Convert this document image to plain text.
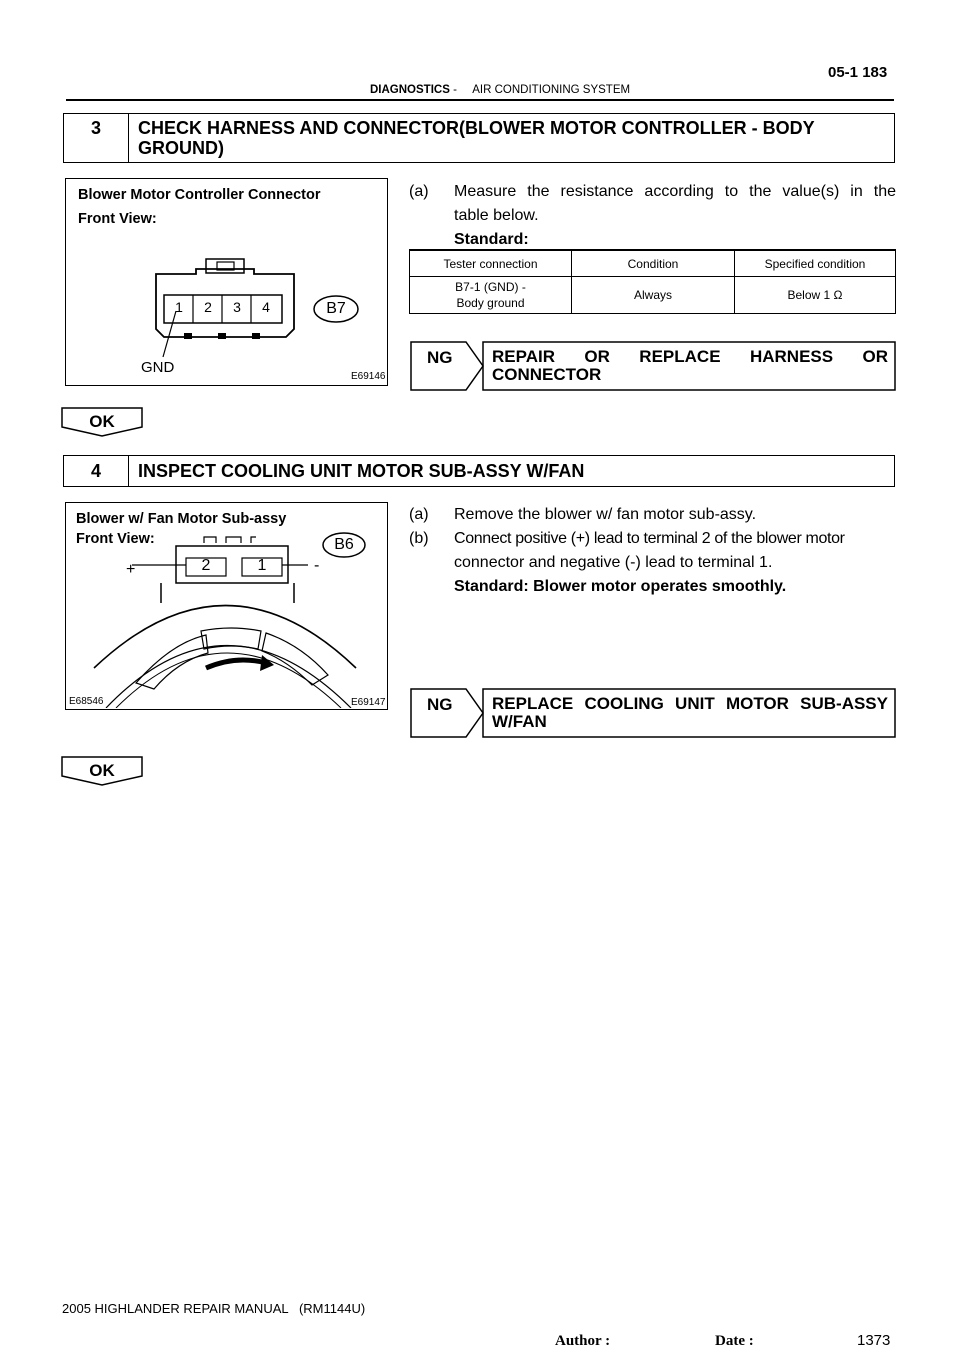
05-1 183
DIAGNOSTICS -     AIR CONDITIONING SYSTEM
3	CHECK HARNESS AND CONNECTOR(BLOWER MOTOR CONTROLLER - BODY
GROUND)
Blower Motor Controller Connector
Front View:
1	2	3	4	B7
GND
E69146
(a) Measure the resistance according to the value(s) in the
table below.
Standard:
Tester connection	Condition	Specified condition

B7-1 (GND) -
Body ground	Always	Below 1 Ω
NG REPAIR OR REPLACE HARNESS OR
CONNECTOR
OK
4	INSPECT COOLING UNIT MOTOR SUB-ASSY W/FAN
Blower w/ Fan Motor Sub-assy
Front View:
2	1
+	-
B6
E68546	E69147
(a) Remove the blower w/ fan motor sub-assy.
(b) Connect positive (+) lead to terminal 2 of the blower motor
connector and negative (-) lead to terminal 1.
Standard: Blower motor operates smoothly.
NG REPLACE COOLING UNIT MOTOR SUB-ASSY
W/FAN
OK
2005 HIGHLANDER REPAIR MANUAL   (RM1144U)
Author :	Date :	1373
